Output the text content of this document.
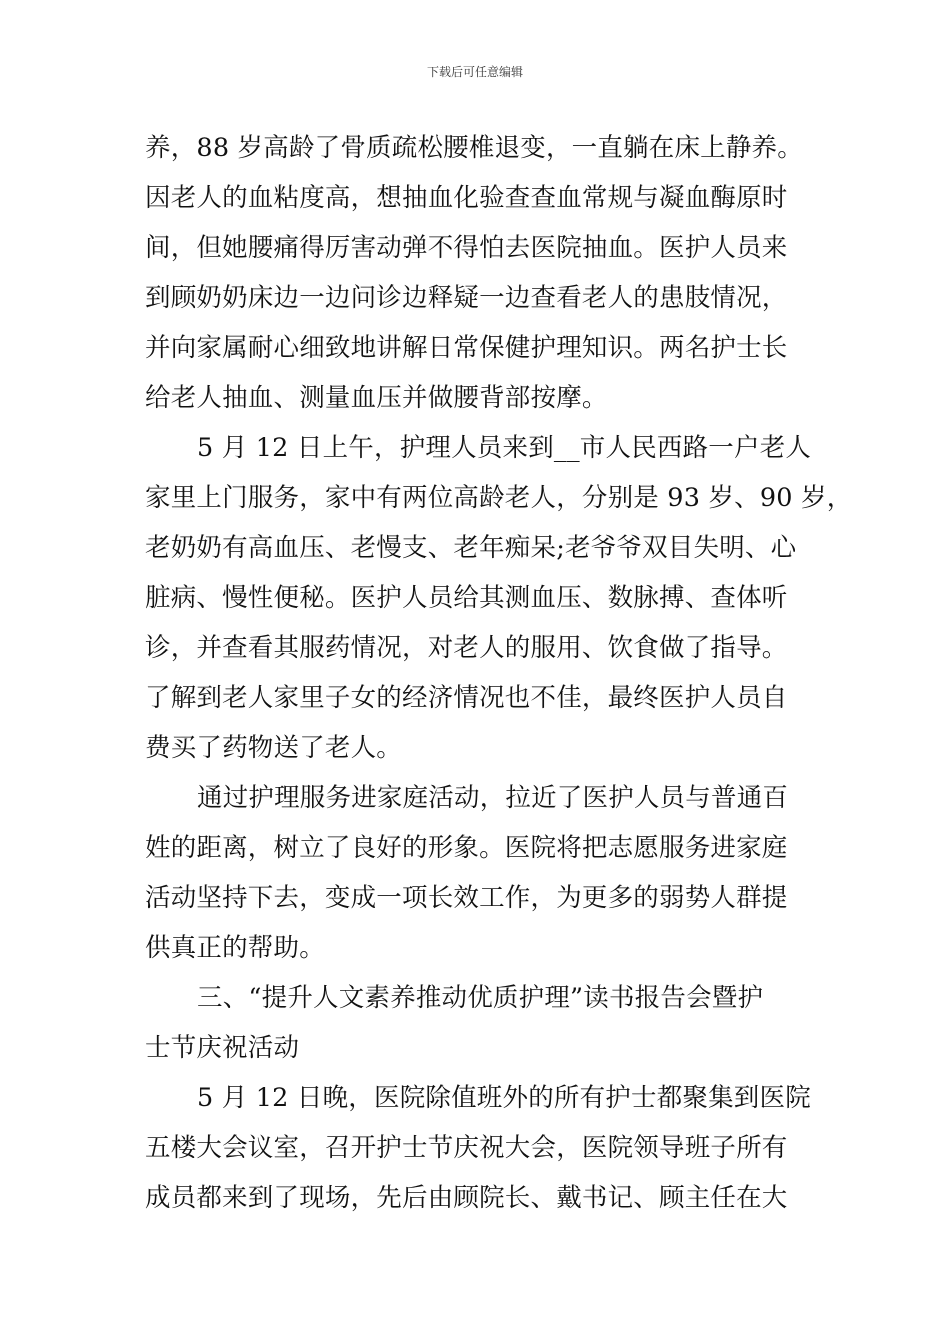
下载后可任意编辑
养，88 岁高龄了骨质疏松腰椎退变，一直躺在床上静养。
因老人的血粘度高，想抽血化验查查血常规与凝血酶原时
间，但她腰痛得厉害动弹不得怕去医院抽血。医护人员来
到顾奶奶床边一边问诊边释疑一边查看老人的患肢情况，
并向家属耐心细致地讲解日常保健护理知识。两名护士长
给老人抽血、测量血压并做腰背部按摩。
5 月 12 日上午，护理人员来到__市人民西路一户老人
家里上门服务，家中有两位高龄老人，分别是 93 岁、90 岁，
老奶奶有高血压、老慢支、老年痴呆;老爷爷双目失明、心
脏病、慢性便秘。医护人员给其测血压、数脉搏、查体听
诊，并查看其服药情况，对老人的服用、饮食做了指导。
了解到老人家里子女的经济情况也不佳，最终医护人员自
费买了药物送了老人。
通过护理服务进家庭活动，拉近了医护人员与普通百
姓的距离，树立了良好的形象。医院将把志愿服务进家庭
活动坚持下去，变成一项长效工作，为更多的弱势人群提
供真正的帮助。
三、“提升人文素养推动优质护理”读书报告会暨护
士节庆祝活动
5 月 12 日晚，医院除值班外的所有护士都聚集到医院
五楼大会议室，召开护士节庆祝大会，医院领导班子所有
成员都来到了现场，先后由顾院长、戴书记、顾主任在大
